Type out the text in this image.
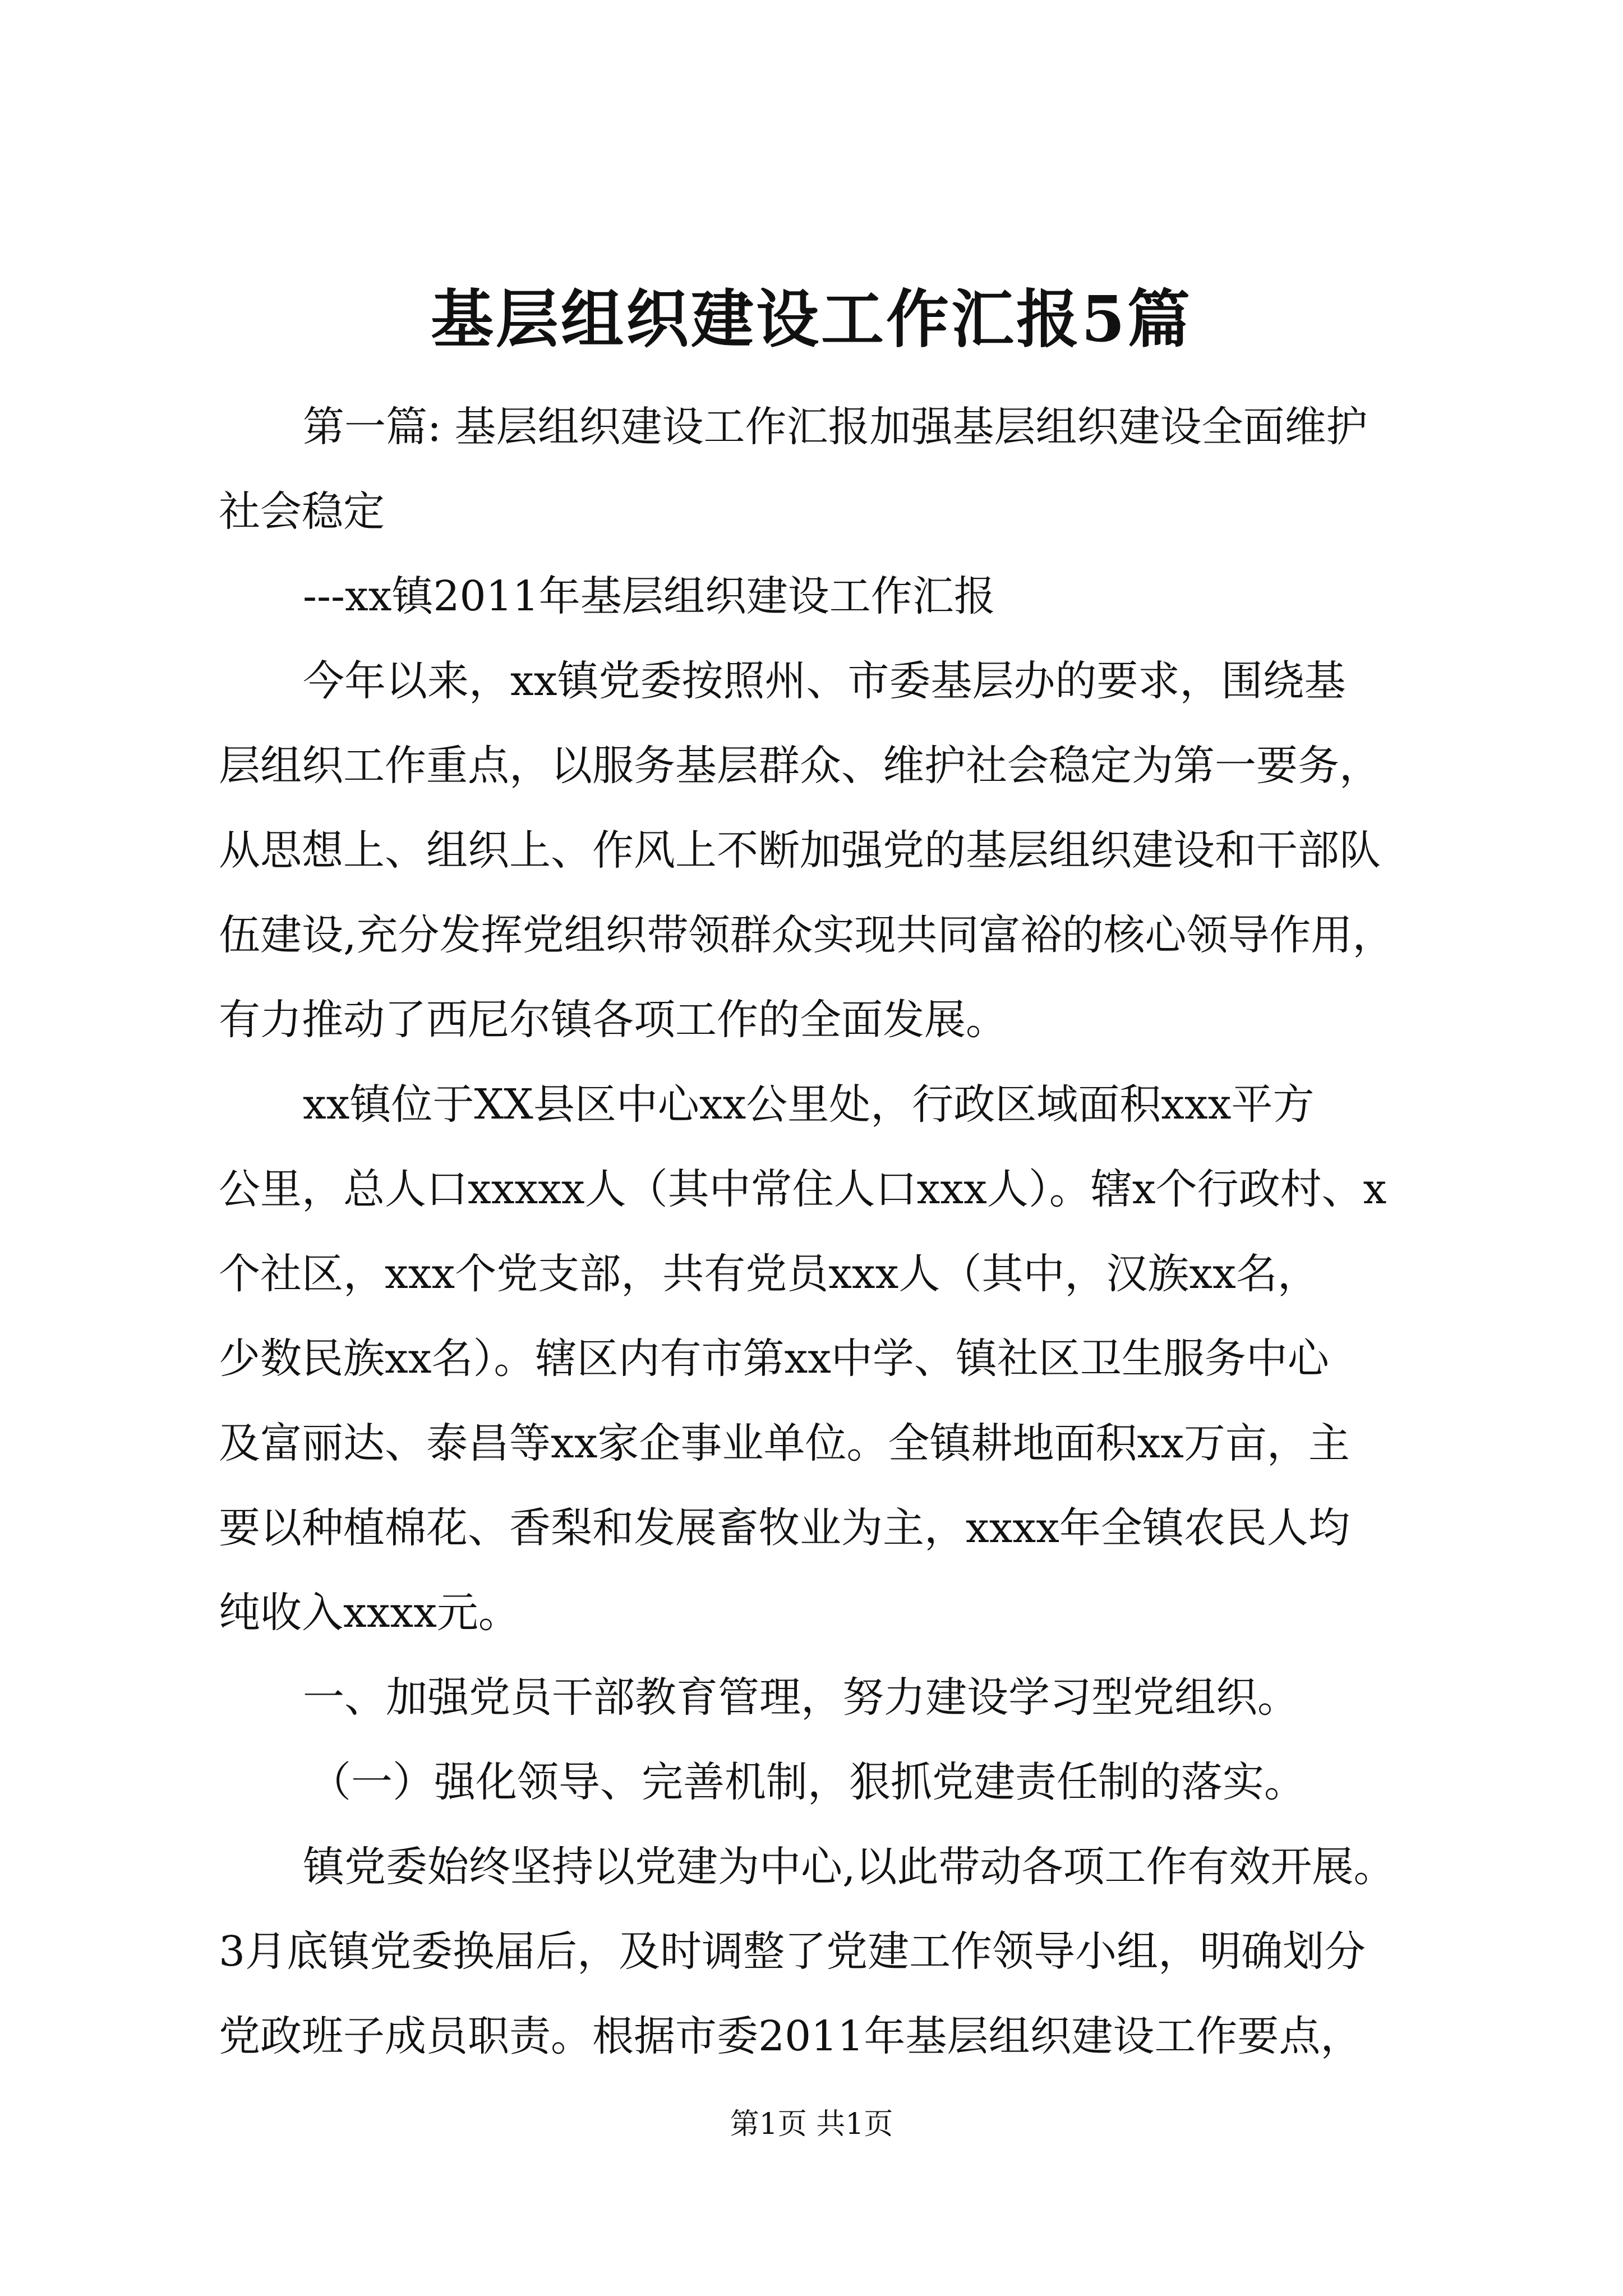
基层组织建设工作汇报5篇
第一篇: 基层组织建设工作汇报加强基层组织建设全面维护
社会稳定
---xx镇2011年基层组织建设工作汇报
今年以来，xx镇党委按照州、市委基层办的要求，围绕基
层组织工作重点，以服务基层群众、维护社会稳定为第一要务，
从思想上、组织上、作风上不断加强党的基层组织建设和干部队
伍建设,充分发挥党组织带领群众实现共同富裕的核心领导作用，
有力推动了西尼尔镇各项工作的全面发展。
xx镇位于XX县区中心xx公里处，行政区域面积xxx平方
公里，总人口xxxxx人（其中常住人口xxx人）。辖x个行政村、x
个社区，xxx个党支部，共有党员xxx人（其中，汉族xx名，
少数民族xx名）。辖区内有市第xx中学、镇社区卫生服务中心
及富丽达、泰昌等xx家企事业单位。全镇耕地面积xx万亩，主
要以种植棉花、香梨和发展畜牧业为主，xxxx年全镇农民人均
纯收入xxxx元。
一、加强党员干部教育管理，努力建设学习型党组织。
（一）强化领导、完善机制，狠抓党建责任制的落实。
镇党委始终坚持以党建为中心,以此带动各项工作有效开展。
3月底镇党委换届后，及时调整了党建工作领导小组，明确划分
党政班子成员职责。根据市委2011年基层组织建设工作要点，
第1页 共1页
